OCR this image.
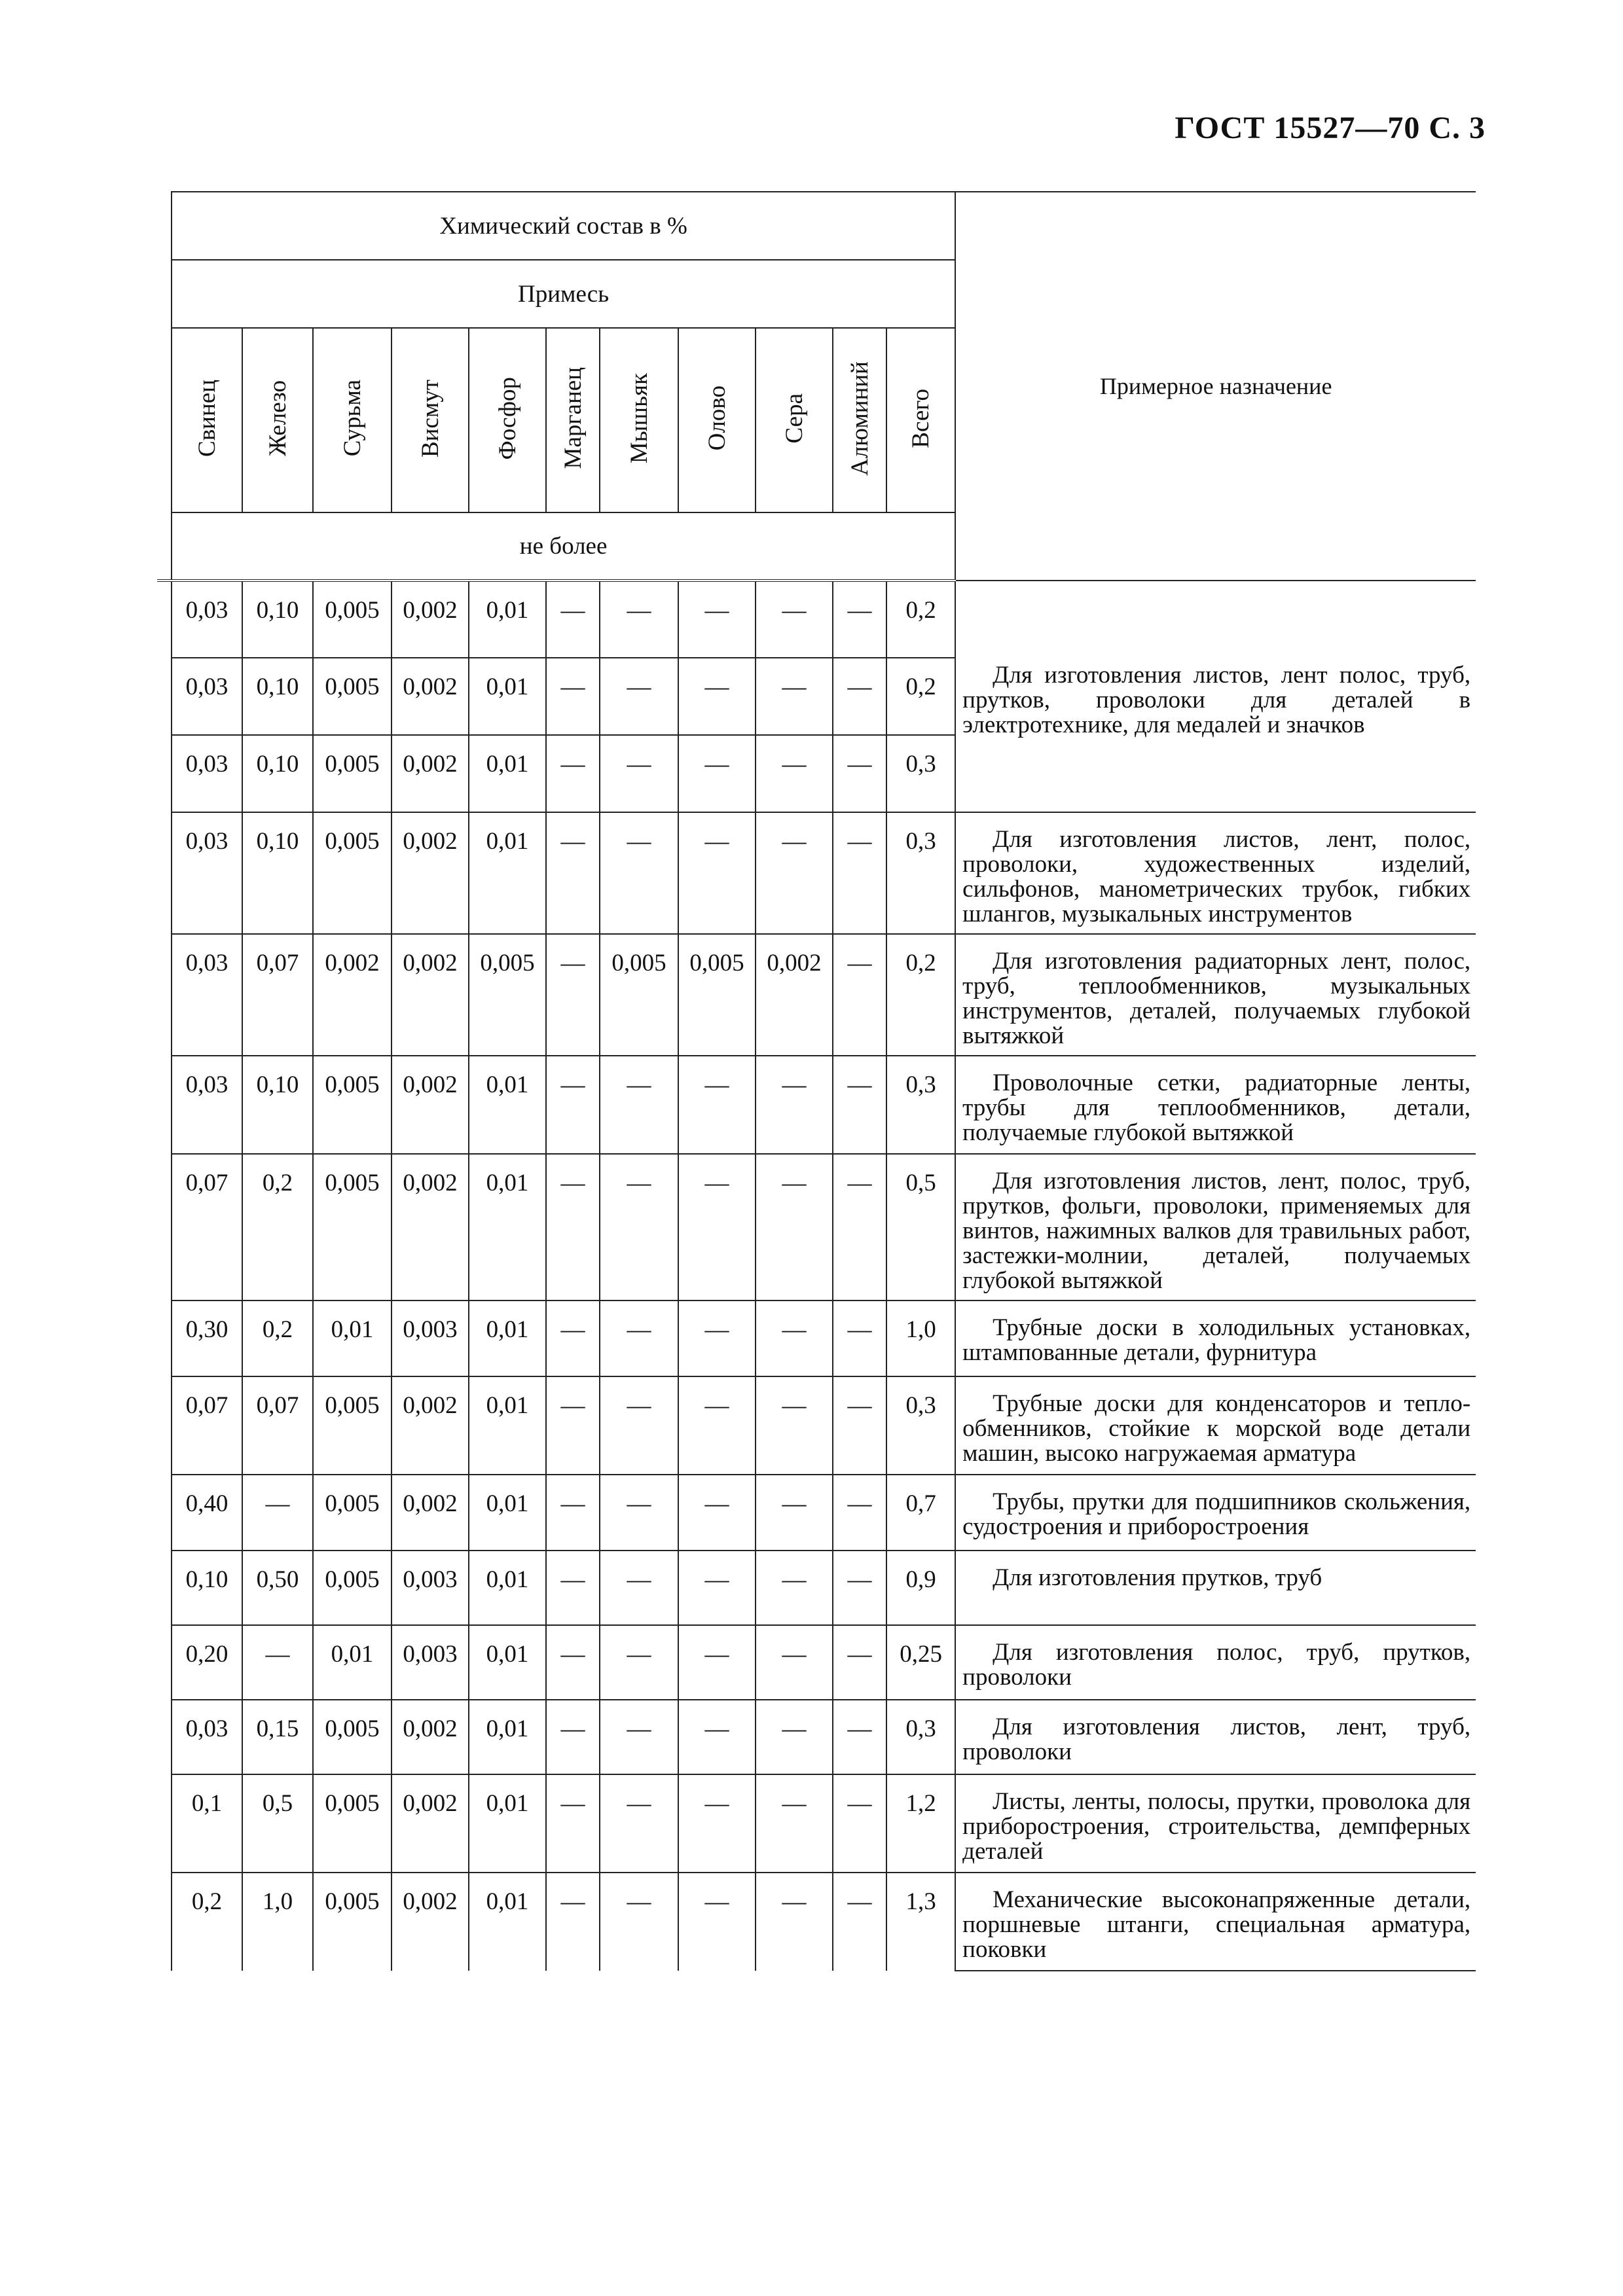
ГОСТ 15527—70 С. 3
	Химический состав в %											Примерное назначение
	Примесь											
	Свинец	Железо	Сурьма	Висмут	Фосфор	Марганец	Мышьяк	Олово	Сера	Алюминий	Всего	
	не более											
	0,03	0,10	0,005	0,002	0,01	—	—	—	—	—	0,2	Для изготовления листов, лент полос, труб, прутков, проволоки для деталей в электротехнике, для медалей и значков
	0,03	0,10	0,005	0,002	0,01	—	—	—	—	—	0,2	
	0,03	0,10	0,005	0,002	0,01	—	—	—	—	—	0,3	
	0,03	0,10	0,005	0,002	0,01	—	—	—	—	—	0,3	Для изготовления листов, лент, полос, проволоки, художественных изделий, сильфонов, манометрических трубок, гибких шлангов, музыкальных инструментов
	0,03	0,07	0,002	0,002	0,005	—	0,005	0,005	0,002	—	0,2	Для изготовления радиаторных лент, полос, труб, теплообменников, музыкальных инструментов, деталей, получаемых глубокой вытяжкой
	0,03	0,10	0,005	0,002	0,01	—	—	—	—	—	0,3	Проволочные сетки, радиаторные ленты, трубы для теплообменников, детали, получаемые глубокой вытяжкой
	0,07	0,2	0,005	0,002	0,01	—	—	—	—	—	0,5	Для изготовления листов, лент, полос, труб, прутков, фольги, проволоки, применяемых для винтов, нажимных валков для травильных работ, застежки-молнии, деталей, получаемых глубокой вытяжкой
	0,30	0,2	0,01	0,003	0,01	—	—	—	—	—	1,0	Трубные доски в холодильных установках, штампованные детали, фурнитура
	0,07	0,07	0,005	0,002	0,01	—	—	—	—	—	0,3	Трубные доски для конденсаторов и теплообменников, стойкие к морской воде детали машин, высоко нагружаемая арматура
	0,40	—	0,005	0,002	0,01	—	—	—	—	—	0,7	Трубы, прутки для подшипников скольжения, судостроения и приборостроения
	0,10	0,50	0,005	0,003	0,01	—	—	—	—	—	0,9	Для изготовления прутков, труб
	0,20	—	0,01	0,003	0,01	—	—	—	—	—	0,25	Для изготовления полос, труб, прутков, проволоки
	0,03	0,15	0,005	0,002	0,01	—	—	—	—	—	0,3	Для изготовления листов, лент, труб, проволоки
	0,1	0,5	0,005	0,002	0,01	—	—	—	—	—	1,2	Листы, ленты, полосы, прутки, проволока для приборостроения, строительства, демпферных деталей
	0,2	1,0	0,005	0,002	0,01	—	—	—	—	—	1,3	Механические высоконапряженные детали, поршневые штанги, специальная арматура, поковки
